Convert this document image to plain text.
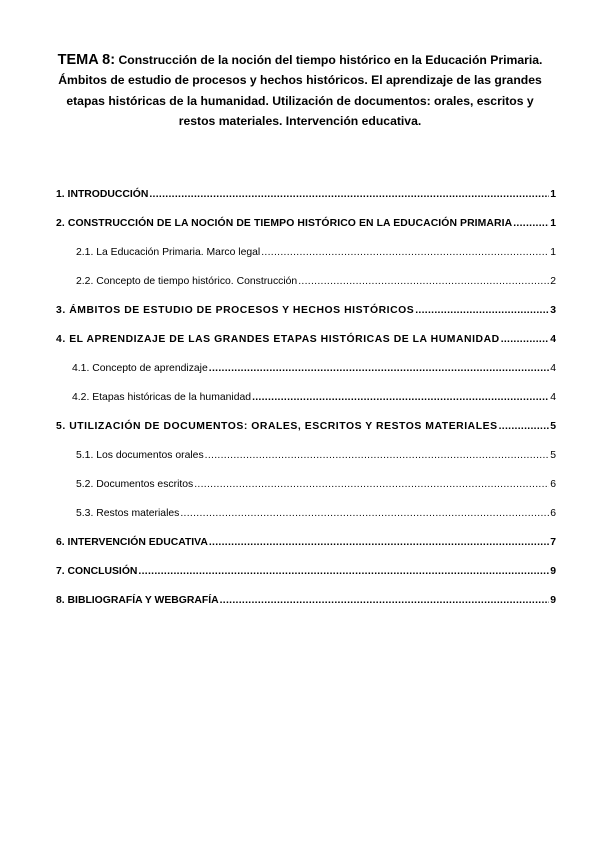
TEMA 8: Construcción de la noción del tiempo histórico en la Educación Primaria. Ámbitos de estudio de procesos y hechos históricos. El aprendizaje de las grandes etapas históricas de la humanidad. Utilización de documentos: orales, escritos y restos materiales. Intervención educativa.
1. INTRODUCCIÓN .....	1
2. CONSTRUCCIÓN DE LA NOCIÓN DE TIEMPO HISTÓRICO EN LA EDUCACIÓN PRIMARIA .....	1
2.1. La Educación Primaria. Marco legal .....	1
2.2. Concepto de tiempo histórico. Construcción .....	2
3. ÁMBITOS DE ESTUDIO DE PROCESOS Y HECHOS HISTÓRICOS .....	3
4. EL APRENDIZAJE DE LAS GRANDES ETAPAS HISTÓRICAS DE LA HUMANIDAD .....	4
4.1. Concepto de aprendizaje .....	4
4.2. Etapas históricas de la humanidad .....	4
5. UTILIZACIÓN DE DOCUMENTOS: ORALES, ESCRITOS Y RESTOS MATERIALES .....	5
5.1. Los documentos orales .....	5
5.2. Documentos escritos .....	6
5.3. Restos materiales .....	6
6. INTERVENCIÓN EDUCATIVA .....	7
7. CONCLUSIÓN .....	9
8. BIBLIOGRAFÍA Y WEBGRAFÍA .....	9
